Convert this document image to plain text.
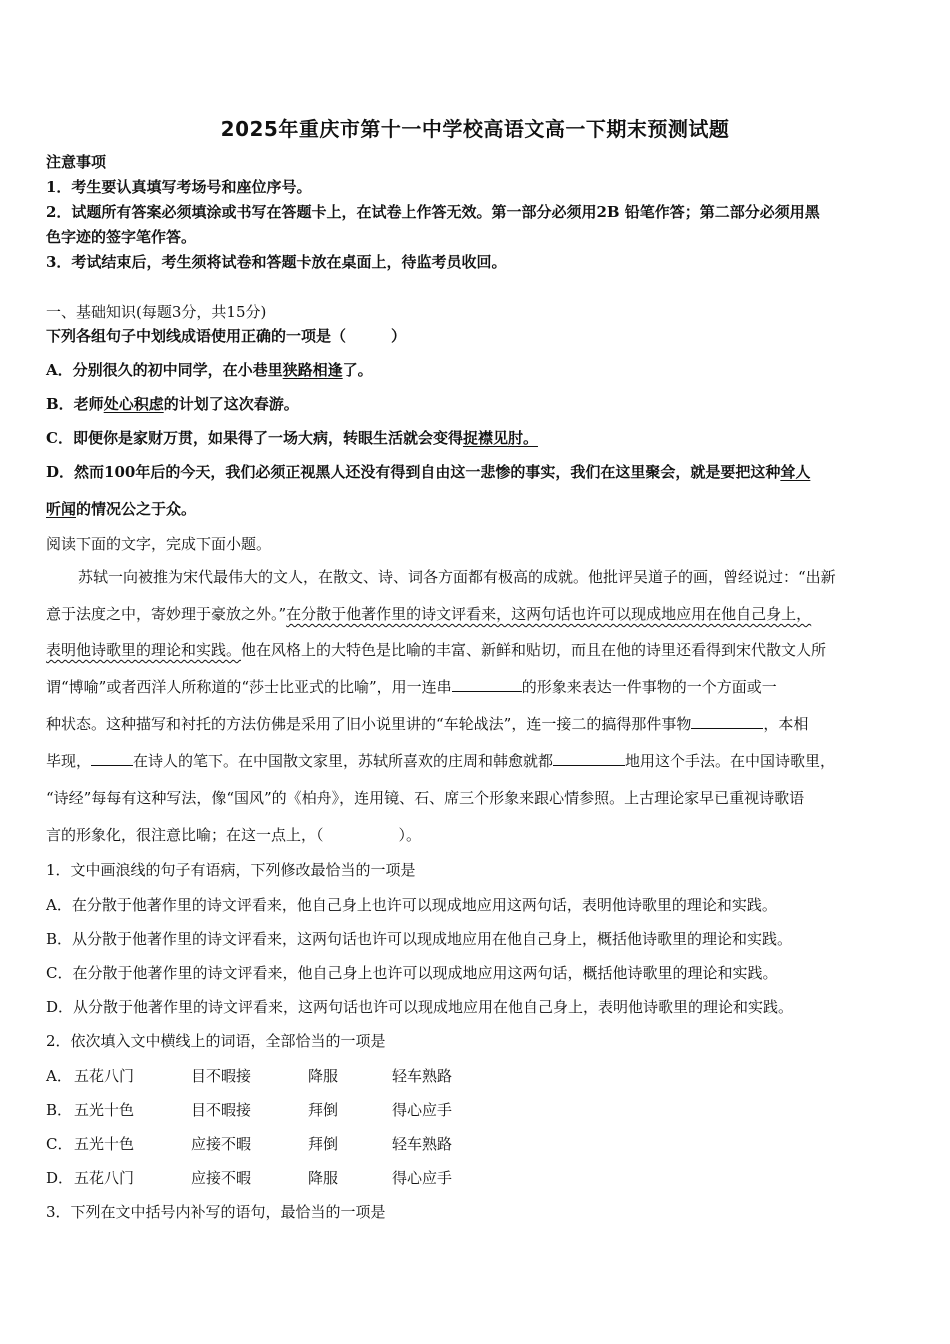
2025年重庆市第十一中学校高语文高一下期末预测试题
注意事项
1．考生要认真填写考场号和座位序号。
2．试题所有答案必须填涂或书写在答题卡上，在试卷上作答无效。第一部分必须用2B 铅笔作答；第二部分必须用黑
色字迹的签字笔作答。
3．考试结束后，考生须将试卷和答题卡放在桌面上，待监考员收回。
一、基础知识(每题3分，共15分)
下列各组句子中划线成语使用正确的一项是（　　　）
A．分别很久的初中同学，在小巷里狭路相逢了。
B．老师处心积虑的计划了这次春游。
C．即便你是家财万贯，如果得了一场大病，转眼生活就会变得捉襟见肘。
D．然而100年后的今天，我们必须正视黑人还没有得到自由这一悲惨的事实，我们在这里聚会，就是要把这种耸人
听闻的情况公之于众。
阅读下面的文字，完成下面小题。
苏轼一向被推为宋代最伟大的文人，在散文、诗、词各方面都有极高的成就。他批评吴道子的画，曾经说过：“出新
意于法度之中，寄妙理于豪放之外。”在分散于他著作里的诗文评看来，这两句话也许可以现成地应用在他自己身上，
表明他诗歌里的理论和实践。他在风格上的大特色是比喻的丰富、新鲜和贴切，而且在他的诗里还看得到宋代散文人所
谓“博喻”或者西洋人所称道的“莎士比亚式的比喻”，用一连串	的形象来表达一件事物的一个方面或一
种状态。这种描写和衬托的方法仿佛是采用了旧小说里讲的“车轮战法”，连一接二的搞得那件事物	，本相
毕现，	在诗人的笔下。在中国散文家里，苏轼所喜欢的庄周和韩愈就都	地用这个手法。在中国诗歌里，
“诗经”每每有这种写法，像“国风”的《柏舟》，连用镜、石、席三个形象来跟心情参照。上古理论家早已重视诗歌语
言的形象化，很注意比喻；在这一点上，（　　　　　）。
1．文中画浪线的句子有语病，下列修改最恰当的一项是
A．在分散于他著作里的诗文评看来，他自己身上也许可以现成地应用这两句话，表明他诗歌里的理论和实践。
B．从分散于他著作里的诗文评看来，这两句话也许可以现成地应用在他自己身上，概括他诗歌里的理论和实践。
C．在分散于他著作里的诗文评看来，他自己身上也许可以现成地应用这两句话，概括他诗歌里的理论和实践。
D．从分散于他著作里的诗文评看来，这两句话也许可以现成地应用在他自己身上，表明他诗歌里的理论和实践。
2．依次填入文中横线上的词语，全部恰当的一项是
A． 五花八门	目不暇接	降服	轻车熟路
B． 五光十色	目不暇接	拜倒	得心应手
C． 五光十色	应接不暇	拜倒	轻车熟路
D．五花八门	应接不暇	降服	得心应手
3．下列在文中括号内补写的语句，最恰当的一项是
